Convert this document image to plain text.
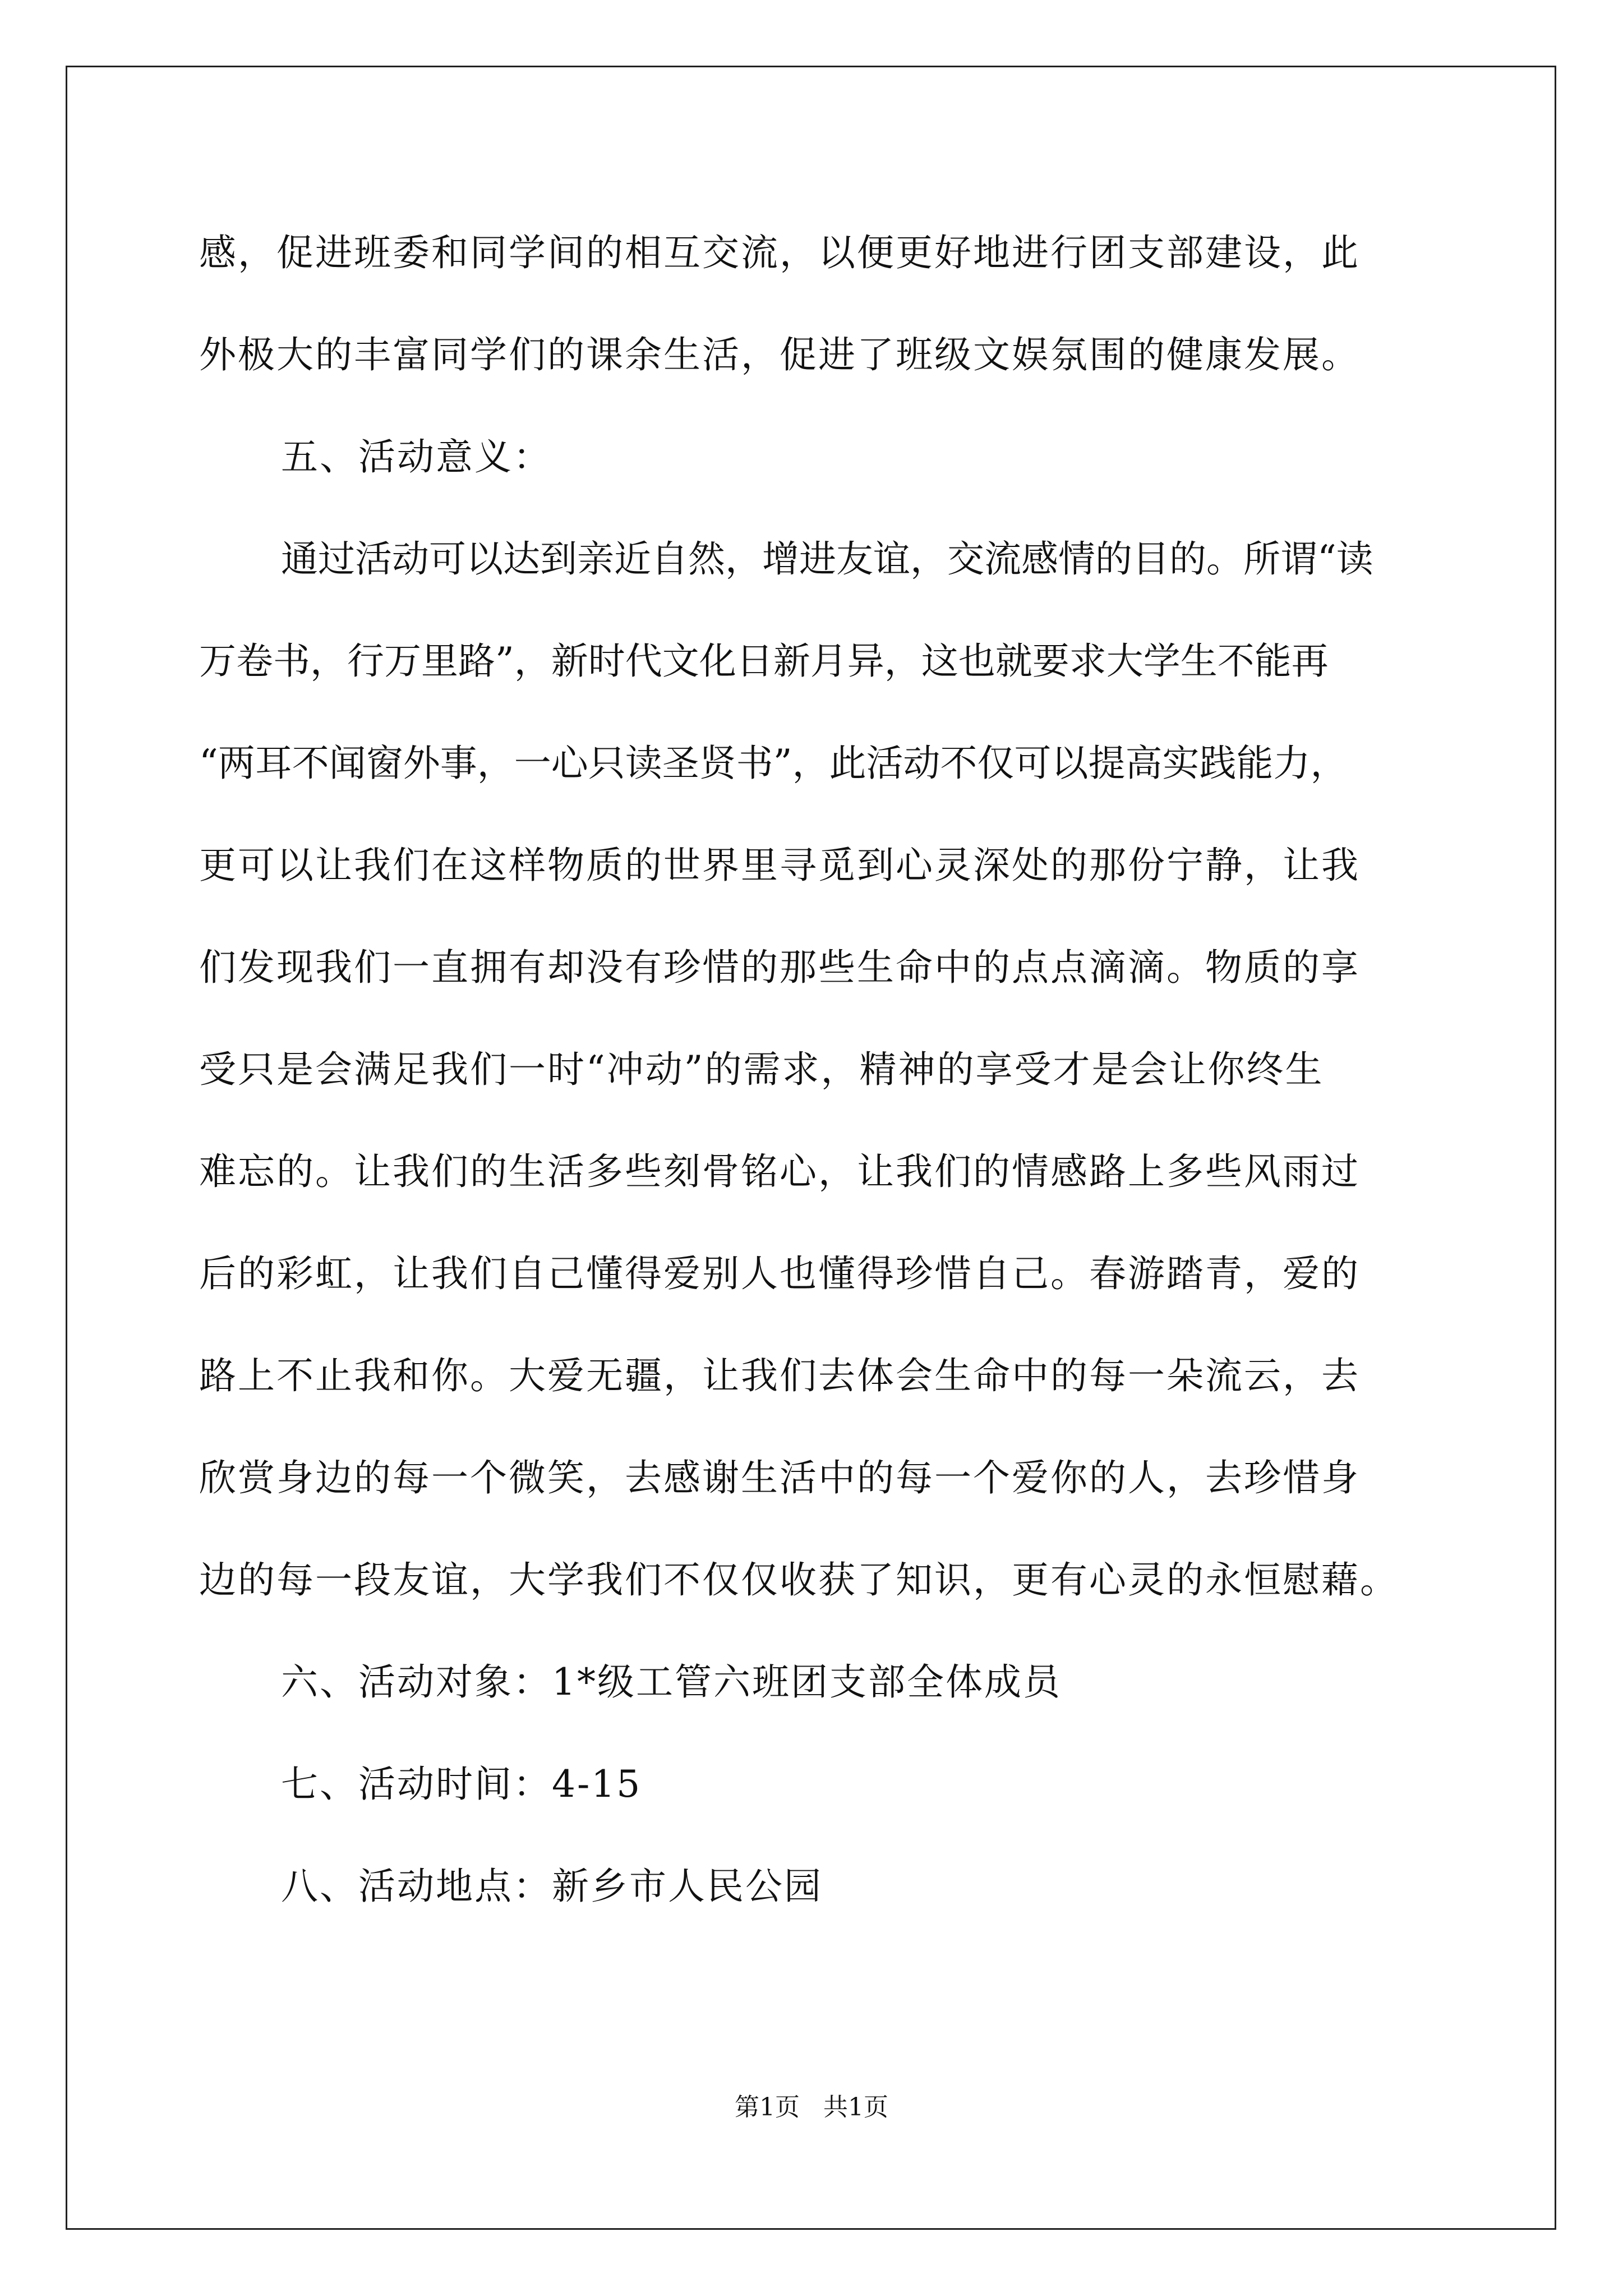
感，促进班委和同学间的相互交流，以便更好地进行团支部建设，此
外极大的丰富同学们的课余生活，促进了班级文娱氛围的健康发展。
五、活动意义：
通过活动可以达到亲近自然，增进友谊，交流感情的目的。所谓“读
万卷书，行万里路”，新时代文化日新月异，这也就要求大学生不能再
“两耳不闻窗外事，一心只读圣贤书”，此活动不仅可以提高实践能力，
更可以让我们在这样物质的世界里寻觅到心灵深处的那份宁静，让我
们发现我们一直拥有却没有珍惜的那些生命中的点点滴滴。物质的享
受只是会满足我们一时“冲动”的需求，精神的享受才是会让你终生
难忘的。让我们的生活多些刻骨铭心，让我们的情感路上多些风雨过
后的彩虹，让我们自己懂得爱别人也懂得珍惜自己。春游踏青，爱的
路上不止我和你。大爱无疆，让我们去体会生命中的每一朵流云，去
欣赏身边的每一个微笑，去感谢生活中的每一个爱你的人，去珍惜身
边的每一段友谊，大学我们不仅仅收获了知识，更有心灵的永恒慰藉。
六、活动对象：1*级工管六班团支部全体成员
七、活动时间：4-15
八、活动地点：新乡市人民公园
第1页   共1页
